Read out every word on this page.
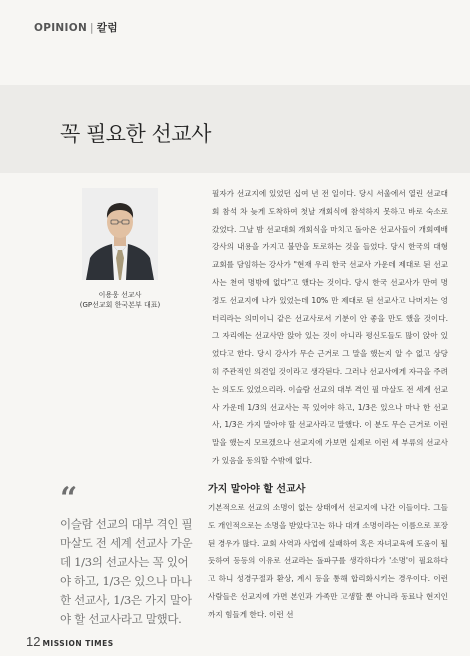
OPINION | 칼럼
꼭 필요한 선교사
이용웅 선교사
(GP선교회 한국본부 대표)

필자가 선교지에 있었던 십여 년 전 일이다. 당시 서울에서 열린 선교대회 참석 차 늦게 도착하여 첫날 개회식에 참석하지 못하고 바로 숙소로 갔었다. 그날 밤 선교대회 개회식을 마치고 돌아온 선교사들이 개회예배 강사의 내용을 가지고 불만을 토로하는 것을 들었다. 당시 한국의 대형교회를 담임하는 강사가 "현재 우리 한국 선교사 가운데 제대로 된 선교사는 천여 명밖에 없다"고 했다는 것이다. 당시 한국 선교사가 만여 명 정도 선교지에 나가 있었는데 10% 만 제대로 된 선교사고 나머지는 엉터리라는 의미이니 같은 선교사로서 기분이 안 좋을 만도 했을 것이다. 그 자리에는 선교사만 앉아 있는 것이 아니라 평신도들도 많이 앉아 있었다고 한다. 당시 강사가 무슨 근거로 그 말을 했는지 알 수 없고 상당히 주관적인 의견일 것이라고 생각된다. 그러나 선교사에게 자극을 주려는 의도도 있었으리라. 이슬람 선교의 대부 격인 필 마살도 전 세계 선교사 가운데 1/3의 선교사는 꼭 있어야 하고, 1/3은 있으나 마나 한 선교사, 1/3은 가지 말아야 할 선교사라고 말했다. 이 분도 무슨 근거로 이런 말을 했는지 모르겠으나 선교지에 가보면 실제로 이런 세 부류의 선교사가 있음을 동의할 수밖에 없다.

가지 말아야 할 선교사

기본적으로 선교의 소명이 없는 상태에서 선교지에 나간 이들이다. 그들도 개인적으로는 소명을 받았다고는 하나 대개 소명이라는 이름으로 포장된 경우가 많다. 교회 사역과 사업에 실패하여 혹은 자녀교육에 도움이 될 듯하여 등등의 이유로 선교라는 돌파구를 생각하다가 '소명'이 필요하다고 하니 성경구절과 환상, 계시 등을 통해 합리화시키는 경우이다. 이런 사람들은 선교지에 가면 본인과 가족만 고생할 뿐 아니라 동료나 현지인까지 힘들게 한다. 이런 선

“
이슬람 선교의 대부 격인 필 마살도 전 세계 선교사 가운데 1/3의 선교사는 꼭 있어야 하고, 1/3은 있으나 마나 한 선교사, 1/3은 가지 말아야 할 선교사라고 말했다.
12 MISSION TIMES
